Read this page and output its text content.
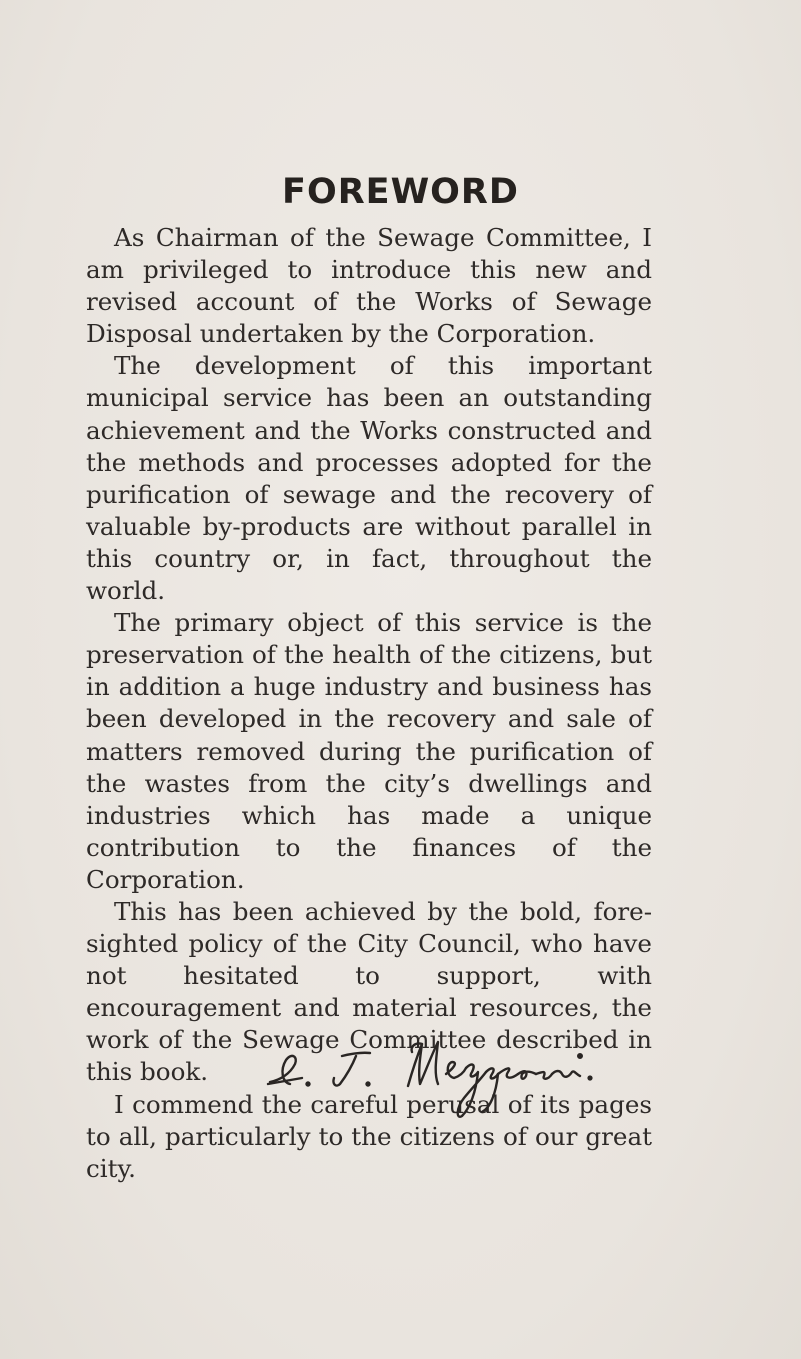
FOREWORD

As Chairman of the Sewage Committee, I am privileged to introduce this new and revised account of the Works of Sewage Disposal undertaken by the Corporation.

The development of this important municipal service has been an outstanding achievement and the Works constructed and the methods and processes adopted for the purification of sewage and the recovery of valuable by-products are without parallel in this country or, in fact, throughout the world.

The primary object of this service is the preservation of the health of the citizens, but in addition a huge industry and business has been developed in the recovery and sale of matters removed during the purification of the wastes from the city’s dwellings and industries which has made a unique contribution to the finances of the Corporation.

This has been achieved by the bold, fore-sighted policy of the City Council, who have not hesitated to support, with encouragement and material resources, the work of the Sewage Committee described in this book.

I commend the careful perusal of its pages to all, particularly to the citizens of our great city.
